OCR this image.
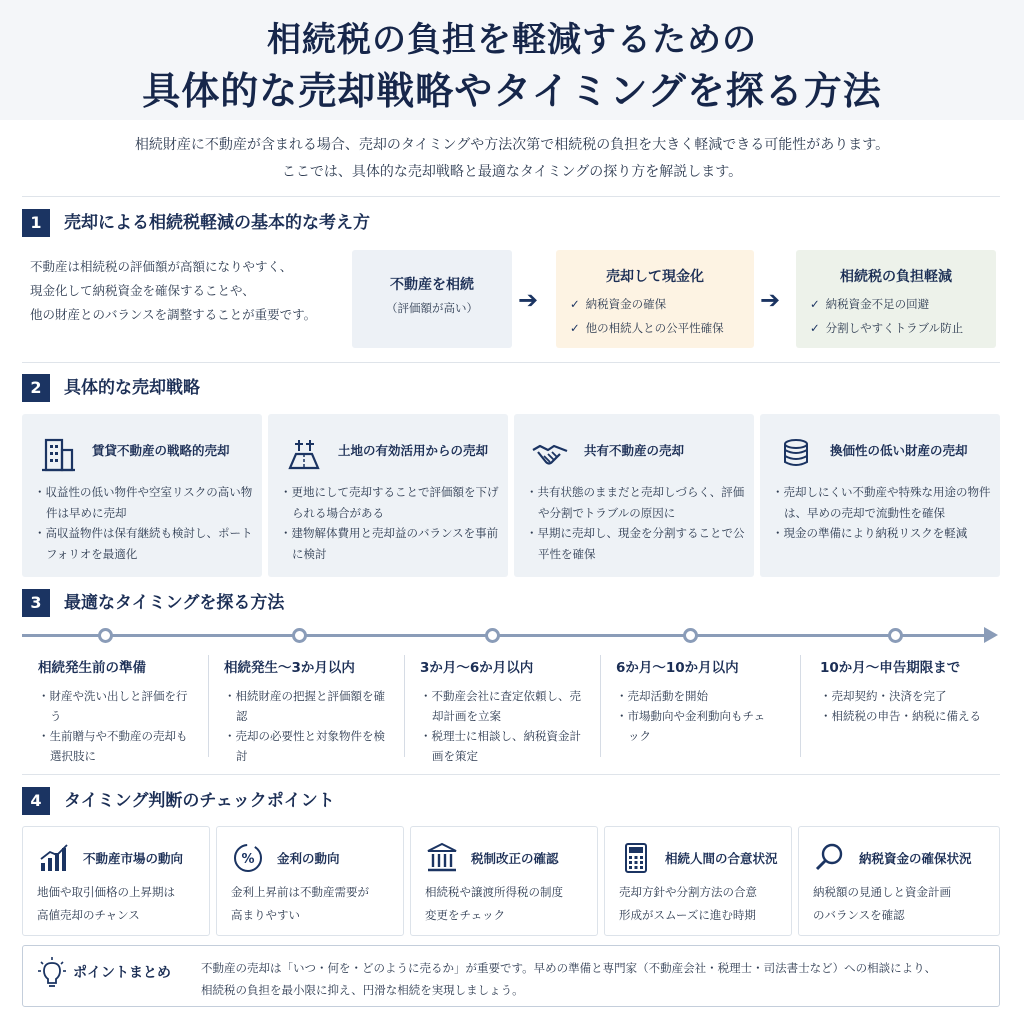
相続税の負担を軽減するための
具体的な売却戦略やタイミングを探る方法
相続財産に不動産が含まれる場合、売却のタイミングや方法次第で相続税の負担を大きく軽減できる可能性があります。
ここでは、具体的な売却戦略と最適なタイミングの探り方を解説します。
1	売却による相続税軽減の基本的な考え方
不動産は相続税の評価額が高額になりやすく、
現金化して納税資金を確保することや、
他の財産とのバランスを調整することが重要です。
不動産を相続
（評価額が高い）	➔
売却して現金化
✓ 納税資金の確保
✓ 他の相続人との公平性確保
➔
相続税の負担軽減
✓ 納税資金不足の回避
✓ 分割しやすくトラブル防止
2	具体的な売却戦略
賃貸不動産の戦略的売却
・収益性の低い物件や空室リスクの高い物件は早めに売却
・高収益物件は保有継続も検討し、ポートフォリオを最適化
土地の有効活用からの売却
・更地にして売却することで評価額を下げられる場合がある
・建物解体費用と売却益のバランスを事前に検討
共有不動産の売却
・共有状態のままだと売却しづらく、評価や分割でトラブルの原因に
・早期に売却し、現金を分割することで公平性を確保
換価性の低い財産の売却
・売却しにくい不動産や特殊な用途の物件は、早めの売却で流動性を確保
・現金の準備により納税リスクを軽減
3	最適なタイミングを探る方法
相続発生前の準備
・財産や洗い出しと評価を行う
・生前贈与や不動産の売却も選択肢に
相続発生〜3か月以内
・相続財産の把握と評価額を確認
・売却の必要性と対象物件を検討
3か月〜6か月以内
・不動産会社に査定依頼し、売却計画を立案
・税理士に相談し、納税資金計画を策定
6か月〜10か月以内
・売却活動を開始
・市場動向や金利動向もチェック
10か月〜申告期限まで
・売却契約・決済を完了
・相続税の申告・納税に備える
4	タイミング判断のチェックポイント
不動産市場の動向
地価や取引価格の上昇期は
高値売却のチャンス
% 金利の動向
金利上昇前は不動産需要が
高まりやすい
税制改正の確認
相続税や譲渡所得税の制度
変更をチェック
相続人間の合意状況
売却方針や分割方法の合意
形成がスムーズに進む時期
納税資金の確保状況
納税額の見通しと資金計画
のバランスを確認
ポイントまとめ	不動産の売却は「いつ・何を・どのように売るか」が重要です。早めの準備と専門家（不動産会社・税理士・司法書士など）への相談により、
相続税の負担を最小限に抑え、円滑な相続を実現しましょう。
